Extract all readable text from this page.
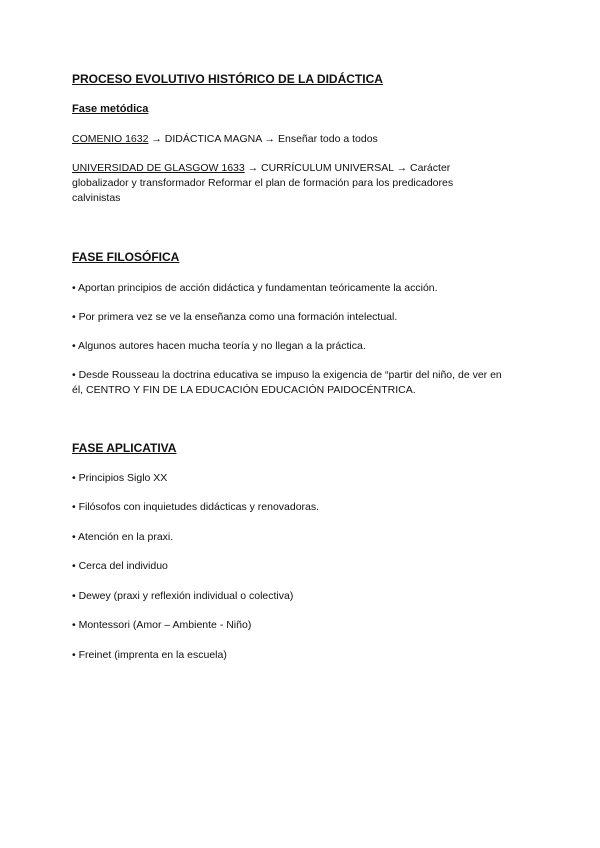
PROCESO EVOLUTIVO HISTÓRICO DE LA DIDÁCTICA
Fase metódica
COMENIO 1632 → DIDÁCTICA MAGNA → Enseñar todo a todos
UNIVERSIDAD DE GLASGOW 1633 → CURRÍCULUM UNIVERSAL → Carácter globalizador y transformador Reformar el plan de formación para los predicadores calvinistas
FASE FILOSÓFICA
• Aportan principios de acción didáctica y fundamentan teóricamente la acción.
• Por primera vez se ve la enseñanza como una formación intelectual.
• Algunos autores hacen mucha teoría y no llegan a la práctica.
• Desde Rousseau la doctrina educativa se impuso la exigencia de “partir del niño, de ver en él, CENTRO Y FIN DE LA EDUCACIÓN EDUCACIÓN PAIDOCÉNTRICA.
FASE APLICATIVA
• Principios Siglo XX
• Filósofos con inquietudes didácticas y renovadoras.
• Atención en la praxi.
• Cerca del individuo
• Dewey (praxi y reflexión individual o colectiva)
• Montessori (Amor – Ambiente - Niño)
• Freinet (imprenta en la escuela)
